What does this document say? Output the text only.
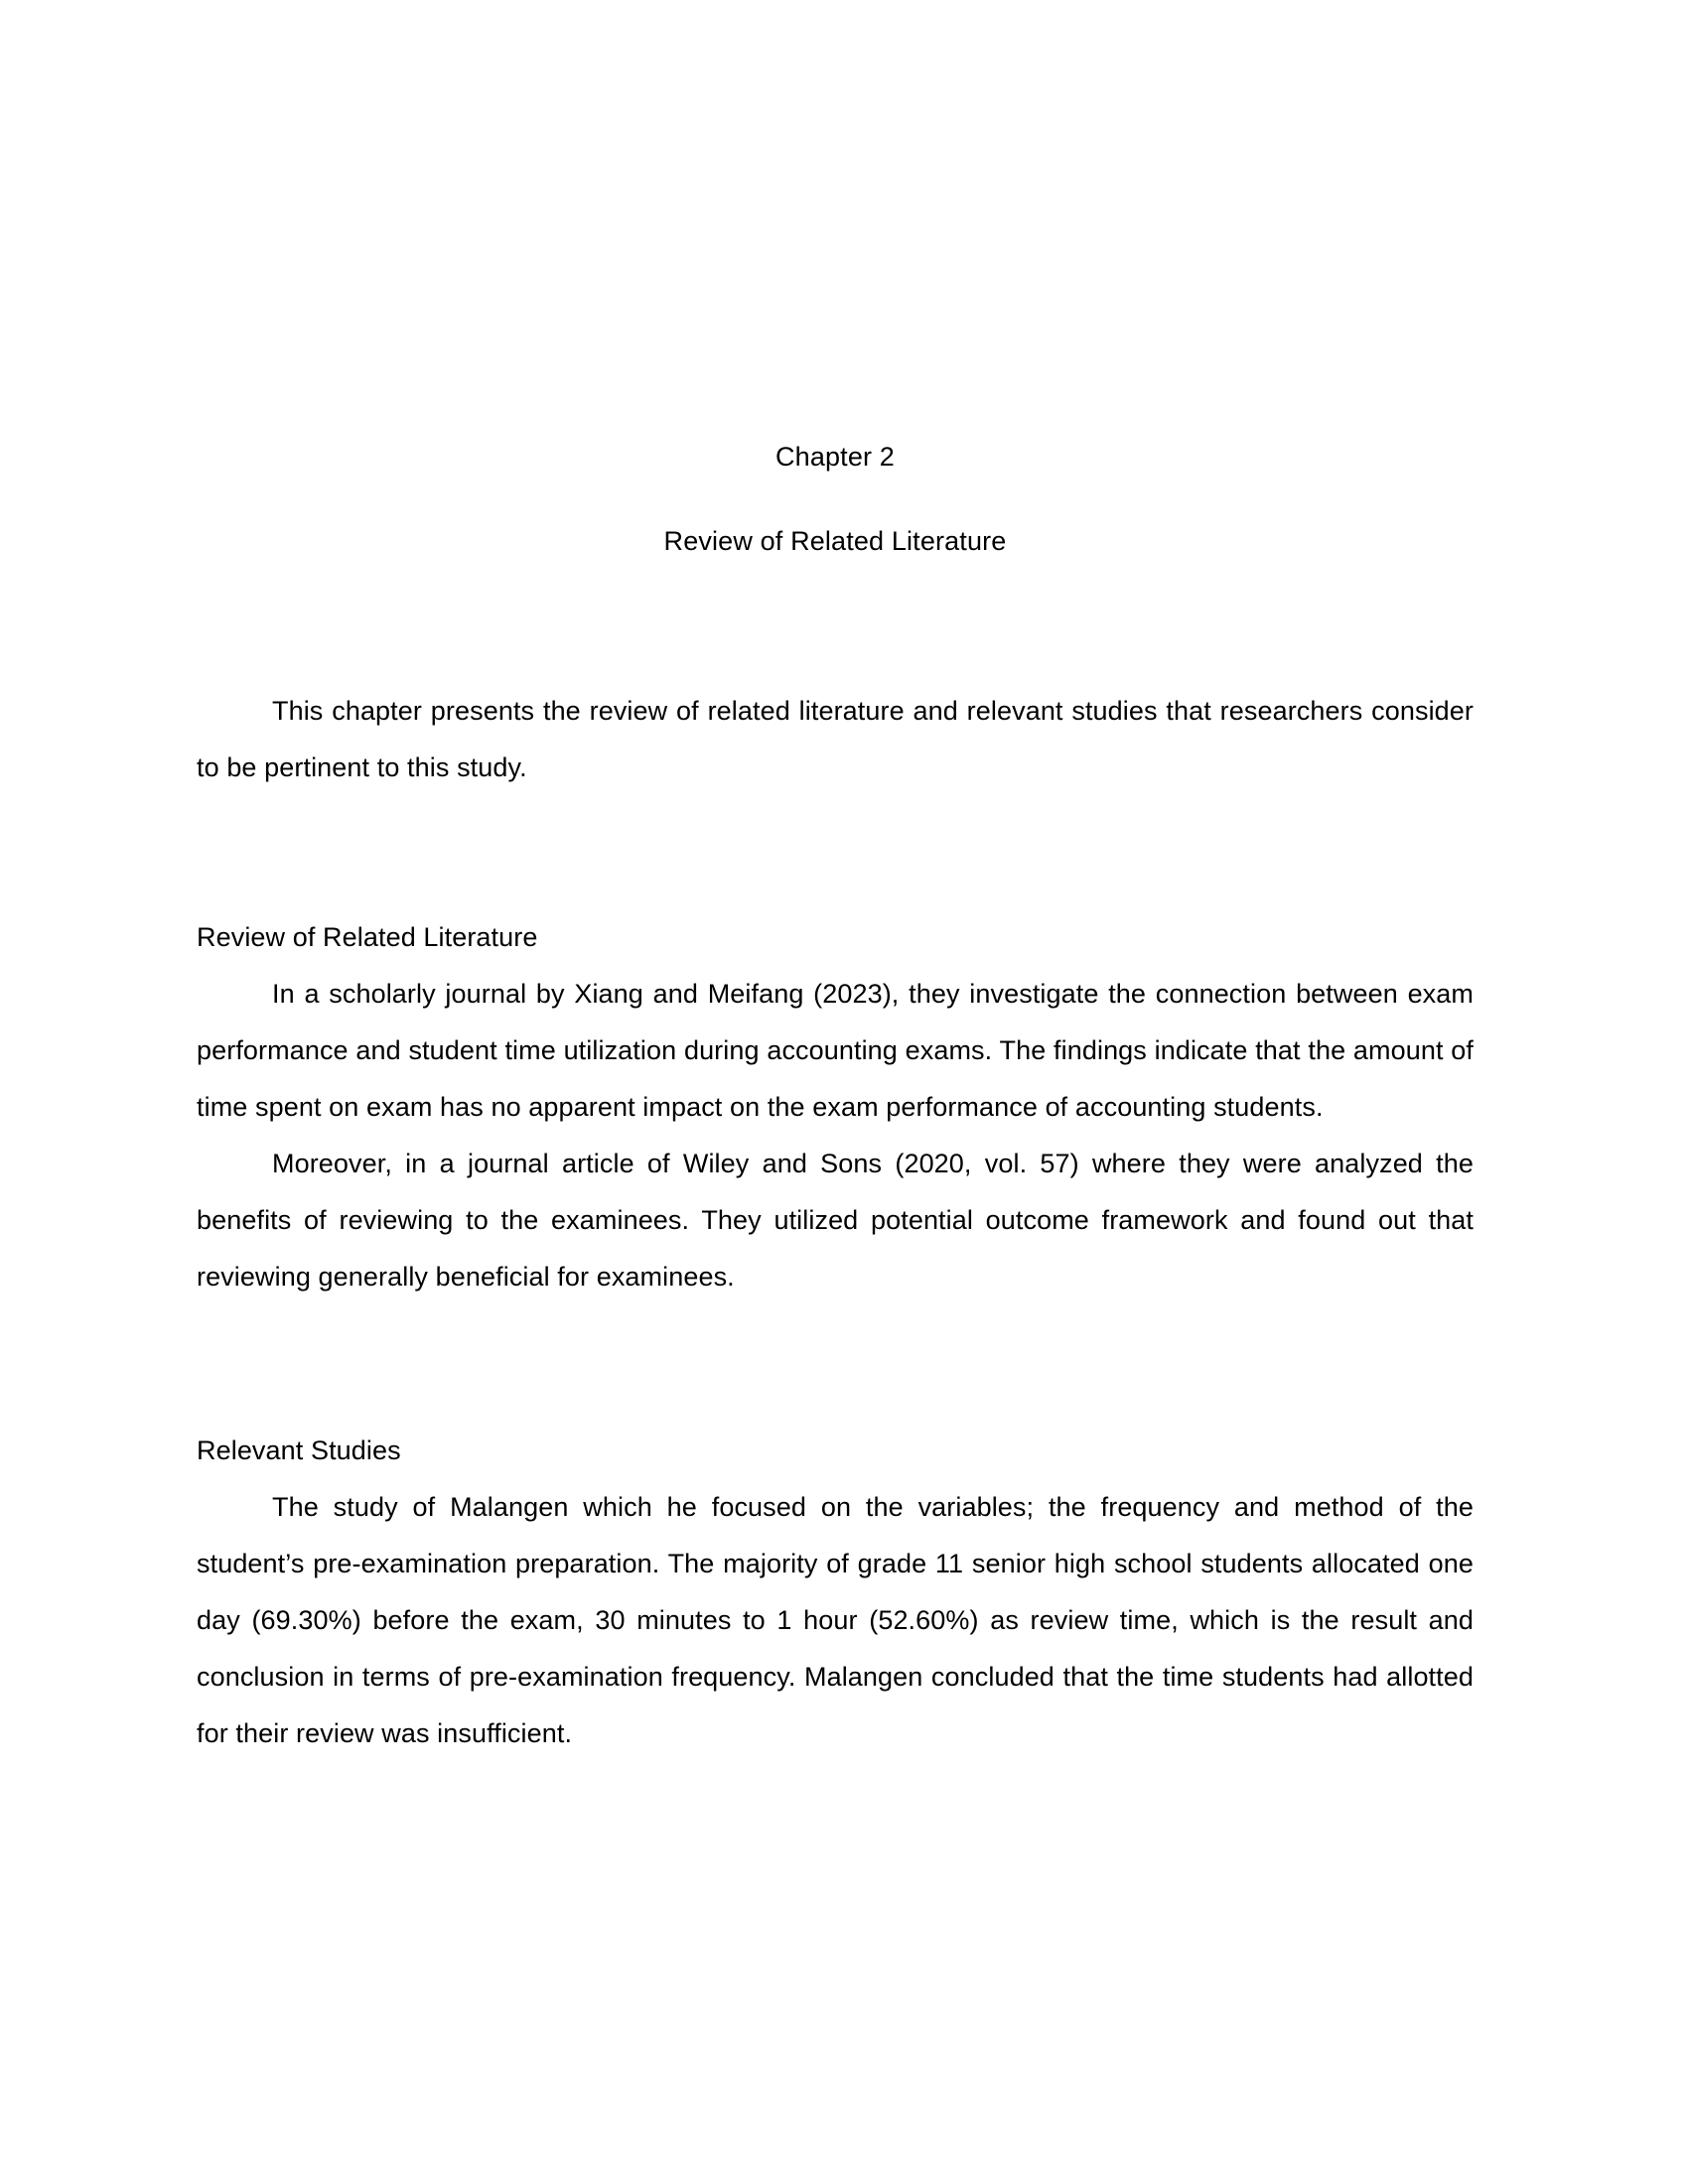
Chapter 2
Review of Related Literature

This chapter presents the review of related literature and relevant studies that researchers consider to be pertinent to this study.

Review of Related Literature

In a scholarly journal by Xiang and Meifang (2023), they investigate the connection between exam performance and student time utilization during accounting exams. The findings indicate that the amount of time spent on exam has no apparent impact on the exam performance of accounting students.

Moreover, in a journal article of Wiley and Sons (2020, vol. 57) where they were analyzed the benefits of reviewing to the examinees. They utilized potential outcome framework and found out that reviewing generally beneficial for examinees.

Relevant Studies

The study of Malangen which he focused on the variables; the frequency and method of the student’s pre-examination preparation. The majority of grade 11 senior high school students allocated one day (69.30%) before the exam, 30 minutes to 1 hour (52.60%) as review time, which is the result and conclusion in terms of pre-examination frequency. Malangen concluded that the time students had allotted for their review was insufficient.
